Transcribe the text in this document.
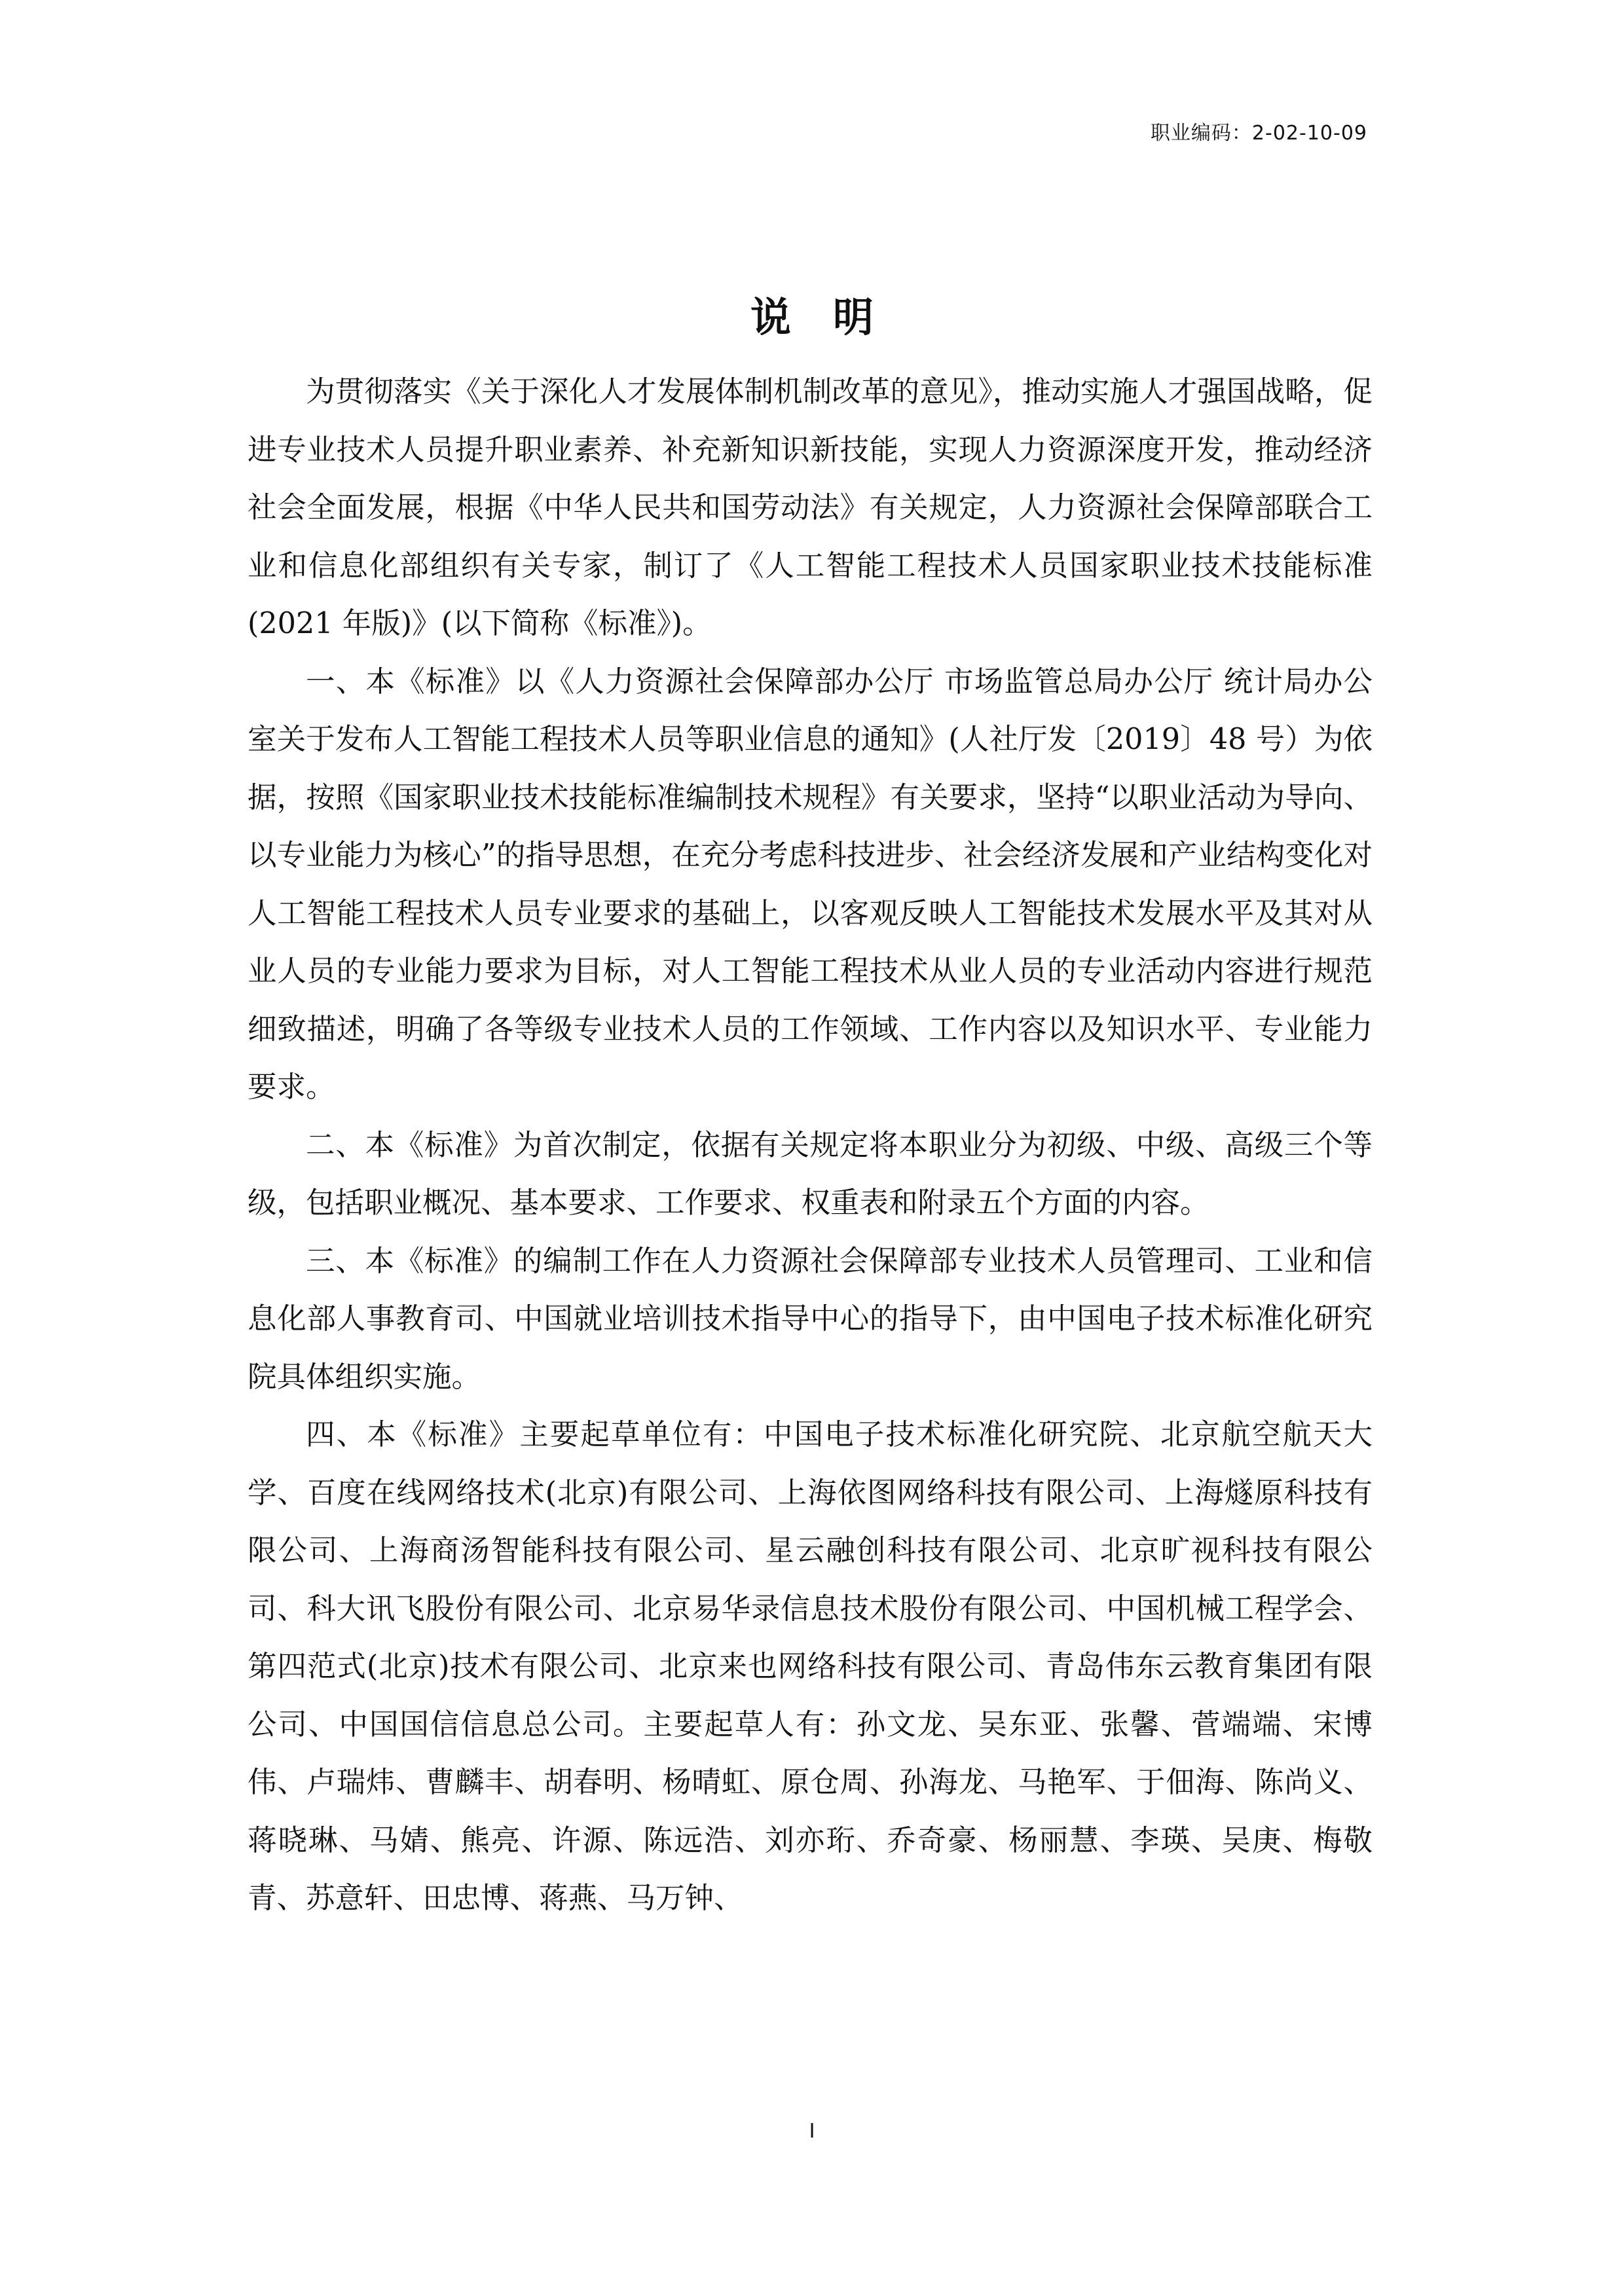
职业编码：2-02-10-09
说明

为贯彻落实《关于深化人才发展体制机制改革的意见》，推动实施人才强国战略，促进专业技术人员提升职业素养、补充新知识新技能，实现人力资源深度开发，推动经济社会全面发展，根据《中华人民共和国劳动法》有关规定，人力资源社会保障部联合工业和信息化部组织有关专家，制订了《人工智能工程技术人员国家职业技术技能标准(2021 年版)》(以下简称《标准》)。

一、本《标准》以《人力资源社会保障部办公厅 市场监管总局办公厅 统计局办公室关于发布人工智能工程技术人员等职业信息的通知》(人社厅发〔2019〕48 号）为依据，按照《国家职业技术技能标准编制技术规程》有关要求，坚持“以职业活动为导向、以专业能力为核心”的指导思想，在充分考虑科技进步、社会经济发展和产业结构变化对人工智能工程技术人员专业要求的基础上，以客观反映人工智能技术发展水平及其对从业人员的专业能力要求为目标，对人工智能工程技术从业人员的专业活动内容进行规范细致描述，明确了各等级专业技术人员的工作领域、工作内容以及知识水平、专业能力要求。

二、本《标准》为首次制定，依据有关规定将本职业分为初级、中级、高级三个等级，包括职业概况、基本要求、工作要求、权重表和附录五个方面的内容。

三、本《标准》的编制工作在人力资源社会保障部专业技术人员管理司、工业和信息化部人事教育司、中国就业培训技术指导中心的指导下，由中国电子技术标准化研究院具体组织实施。

四、本《标准》主要起草单位有：中国电子技术标准化研究院、北京航空航天大学、百度在线网络技术(北京)有限公司、上海依图网络科技有限公司、上海燧原科技有限公司、上海商汤智能科技有限公司、星云融创科技有限公司、北京旷视科技有限公司、科大讯飞股份有限公司、北京易华录信息技术股份有限公司、中国机械工程学会、第四范式(北京)技术有限公司、北京来也网络科技有限公司、青岛伟东云教育集团有限公司、中国国信信息总公司。主要起草人有：孙文龙、吴东亚、张馨、菅端端、宋博伟、卢瑞炜、曹麟丰、胡春明、杨晴虹、原仓周、孙海龙、马艳军、于佃海、陈尚义、蒋晓琳、马婧、熊亮、许源、陈远浩、刘亦珩、乔奇豪、杨丽慧、李瑛、吴庚、梅敬青、苏意轩、田忠博、蒋燕、马万钟、

I
